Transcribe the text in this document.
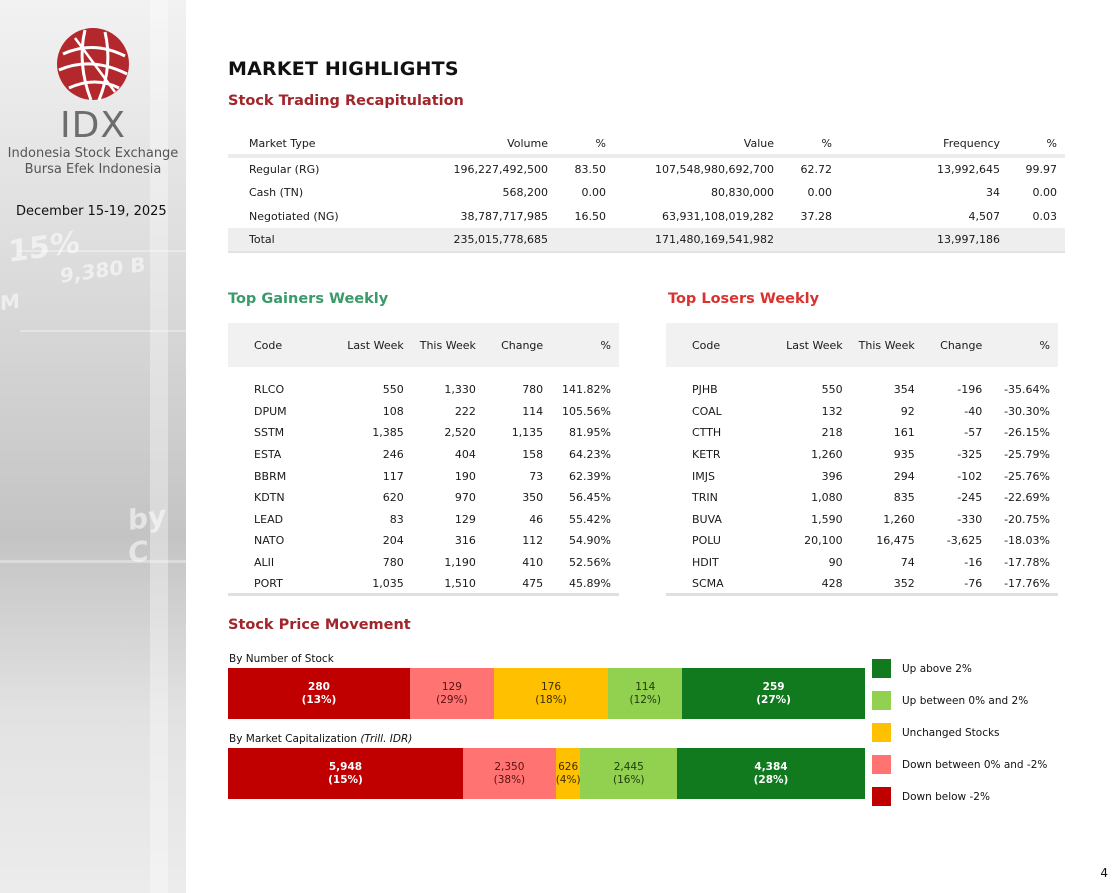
15%
9,380 B
M
by C
IDX
Indonesia Stock Exchange
Bursa Efek Indonesia
December 15-19, 2025
MARKET HIGHLIGHTS
Stock Trading Recapitulation
Market Type	Volume	%	Value	%	Frequency	%
Regular (RG)	196,227,492,500	83.50	107,548,980,692,700	62.72	13,992,645	99.97
Cash (TN)	568,200	0.00	80,830,000	0.00	34	0.00
Negotiated (NG)	38,787,717,985	16.50	63,931,108,019,282	37.28	4,507	0.03
Total	235,015,778,685		171,480,169,541,982		13,997,186	
Top Gainers Weekly	Top Losers Weekly
Code	Last Week	This Week	Change	%

RLCO	550	1,330	780	141.82%
DPUM	108	222	114	105.56%
SSTM	1,385	2,520	1,135	81.95%
ESTA	246	404	158	64.23%
BBRM	117	190	73	62.39%
KDTN	620	970	350	56.45%
LEAD	83	129	46	55.42%
NATO	204	316	112	54.90%
ALII	780	1,190	410	52.56%
PORT	1,035	1,510	475	45.89%
Code	Last Week	This Week	Change	%

PJHB	550	354	-196	-35.64%
COAL	132	92	-40	-30.30%
CTTH	218	161	-57	-26.15%
KETR	1,260	935	-325	-25.79%
IMJS	396	294	-102	-25.76%
TRIN	1,080	835	-245	-22.69%
BUVA	1,590	1,260	-330	-20.75%
POLU	20,100	16,475	-3,625	-18.03%
HDIT	90	74	-16	-17.78%
SCMA	428	352	-76	-17.76%
Stock Price Movement
By Number of Stock
280
(13%)
129
(29%)
176
(18%)
114
(12%)
259
(27%)
By Market Capitalization (Trill. IDR)
5,948
(15%)
2,350
(38%)
626
(4%)
2,445
(16%)
4,384
(28%)
Up above 2%
Up between 0% and 2%
Unchanged Stocks
Down between 0% and -2%
Down below -2%
4
